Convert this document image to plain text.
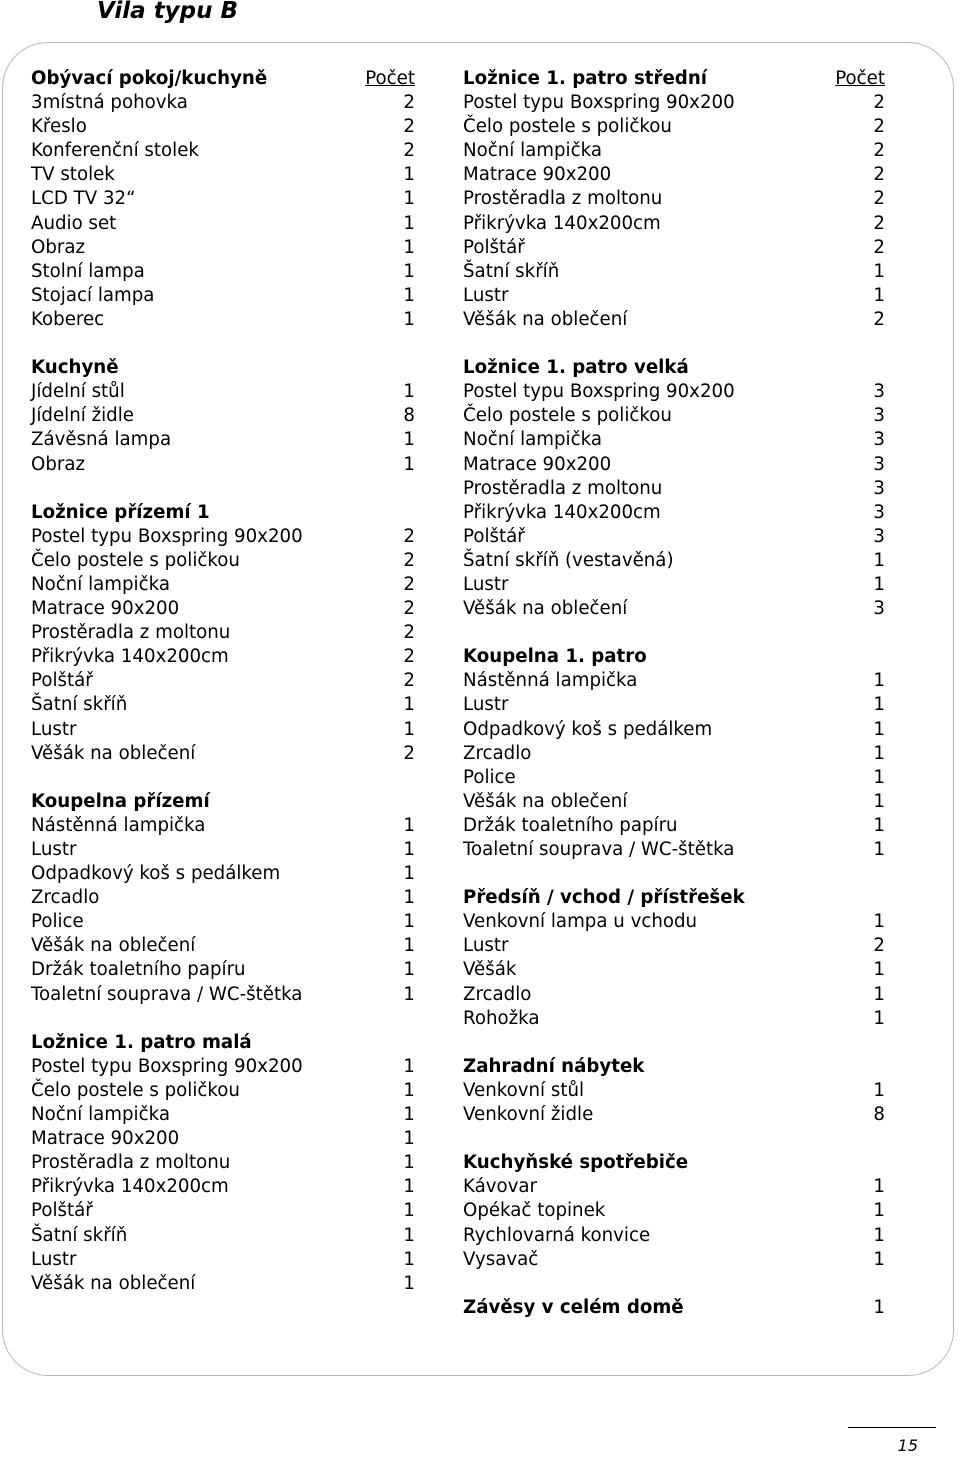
Vila typu B
Obývací pokoj/kuchyně	Počet
3místná pohovka	2
Křeslo	2
Konferenční stolek	2
TV stolek	1
LCD TV 32“	1
Audio set	1
Obraz	1
Stolní lampa	1
Stojací lampa	1
Koberec	1
Kuchyně
Jídelní stůl	1
Jídelní židle	8
Závěsná lampa	1
Obraz	1
Ložnice přízemí 1
Postel typu Boxspring 90x200	2
Čelo postele s poličkou	2
Noční lampička	2
Matrace 90x200	2
Prostěradla z moltonu	2
Přikrývka 140x200cm	2
Polštář	2
Šatní skříň	1
Lustr	1
Věšák na oblečení	2
Koupelna přízemí
Nástěnná lampička	1
Lustr	1
Odpadkový koš s pedálkem	1
Zrcadlo	1
Police	1
Věšák na oblečení	1
Držák toaletního papíru	1
Toaletní souprava / WC-štětka	1
Ložnice 1. patro malá
Postel typu Boxspring 90x200	1
Čelo postele s poličkou	1
Noční lampička	1
Matrace 90x200	1
Prostěradla z moltonu	1
Přikrývka 140x200cm	1
Polštář	1
Šatní skříň	1
Lustr	1
Věšák na oblečení	1
Ložnice 1. patro střední	Počet
Postel typu Boxspring 90x200	2
Čelo postele s poličkou	2
Noční lampička	2
Matrace 90x200	2
Prostěradla z moltonu	2
Přikrývka 140x200cm	2
Polštář	2
Šatní skříň	1
Lustr	1
Věšák na oblečení	2
Ložnice 1. patro velká
Postel typu Boxspring 90x200	3
Čelo postele s poličkou	3
Noční lampička	3
Matrace 90x200	3
Prostěradla z moltonu	3
Přikrývka 140x200cm	3
Polštář	3
Šatní skříň (vestavěná)	1
Lustr	1
Věšák na oblečení	3
Koupelna 1. patro
Nástěnná lampička	1
Lustr	1
Odpadkový koš s pedálkem	1
Zrcadlo	1
Police	1
Věšák na oblečení	1
Držák toaletního papíru	1
Toaletní souprava / WC-štětka	1
Předsíň / vchod / přístřešek
Venkovní lampa u vchodu	1
Lustr	2
Věšák	1
Zrcadlo	1
Rohožka	1
Zahradní nábytek
Venkovní stůl	1
Venkovní židle	8
Kuchyňské spotřebiče
Kávovar	1
Opékač topinek	1
Rychlovarná konvice	1
Vysavač	1
Závěsy v celém domě	1
15
